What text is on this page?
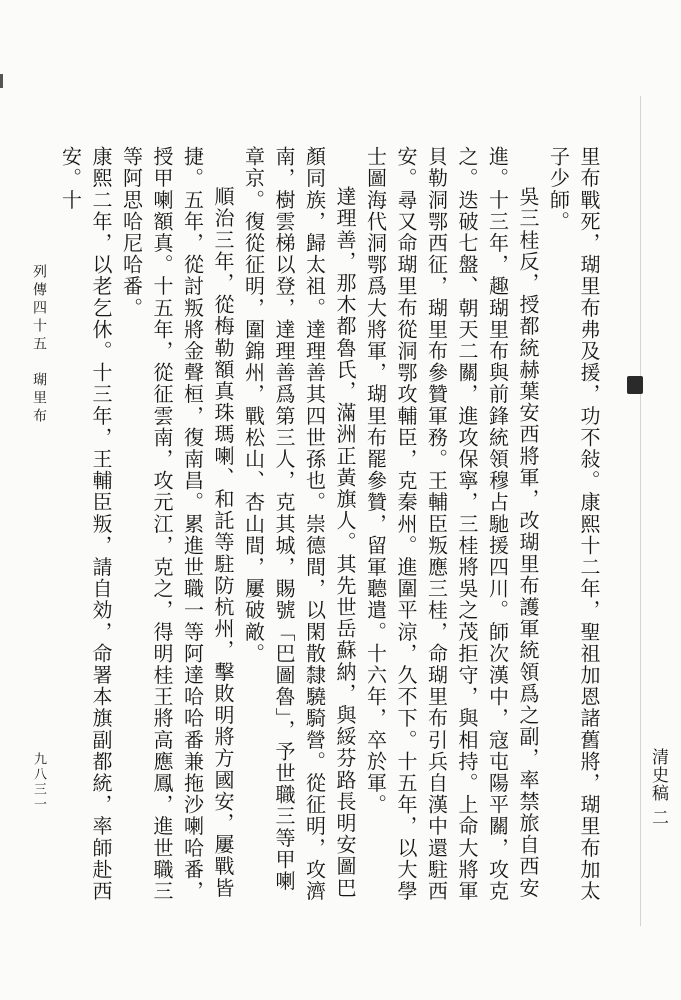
清史稿 二

里布戰死，瑚里布弗及援，功不敍。康熙十二年，聖祖加恩諸舊將，瑚里布加太子少師。

吳三桂反，授都統赫葉安西將軍，改瑚里布護軍統領爲之副，率禁旅自西安進。十三年，趣瑚里布與前鋒統領穆占馳援四川。師次漢中，寇屯陽平關，攻克之。迭破七盤、朝天二關，進攻保寧，三桂將吳之茂拒守，與相持。上命大將軍貝勒洞鄂西征，瑚里布參贊軍務。王輔臣叛應三桂，命瑚里布引兵自漢中還駐西安。尋又命瑚里布從洞鄂攻輔臣，克秦州。進圍平涼，久不下。十五年，以大學士圖海代洞鄂爲大將軍，瑚里布罷參贊，留軍聽遣。十六年，卒於軍。

達理善，那木都魯氏，滿洲正黃旗人。其先世岳蘇納，與綏芬路長明安圖巴顏同族，歸太祖。達理善其四世孫也。崇德間，以閑散隸驍騎營。從征明，攻濟南，樹雲梯以登，達理善爲第三人，克其城，賜號「巴圖魯」，予世職三等甲喇章京。復從征明，圍錦州，戰松山、杏山間，屢破敵。

順治三年，從梅勒額真珠瑪喇、和託等駐防杭州，擊敗明將方國安，屢戰皆捷。五年，從討叛將金聲桓，復南昌。累進世職一等阿達哈哈番兼拖沙喇哈番，授甲喇額真。十五年，從征雲南，攻元江，克之，得明桂王將高應鳳，進世職三等阿思哈尼哈番。

康熙二年，以老乞休。十三年，王輔臣叛，請自効，命署本旗副都統，率師赴西安。十

列傳四十五　瑚里布
九八三一
